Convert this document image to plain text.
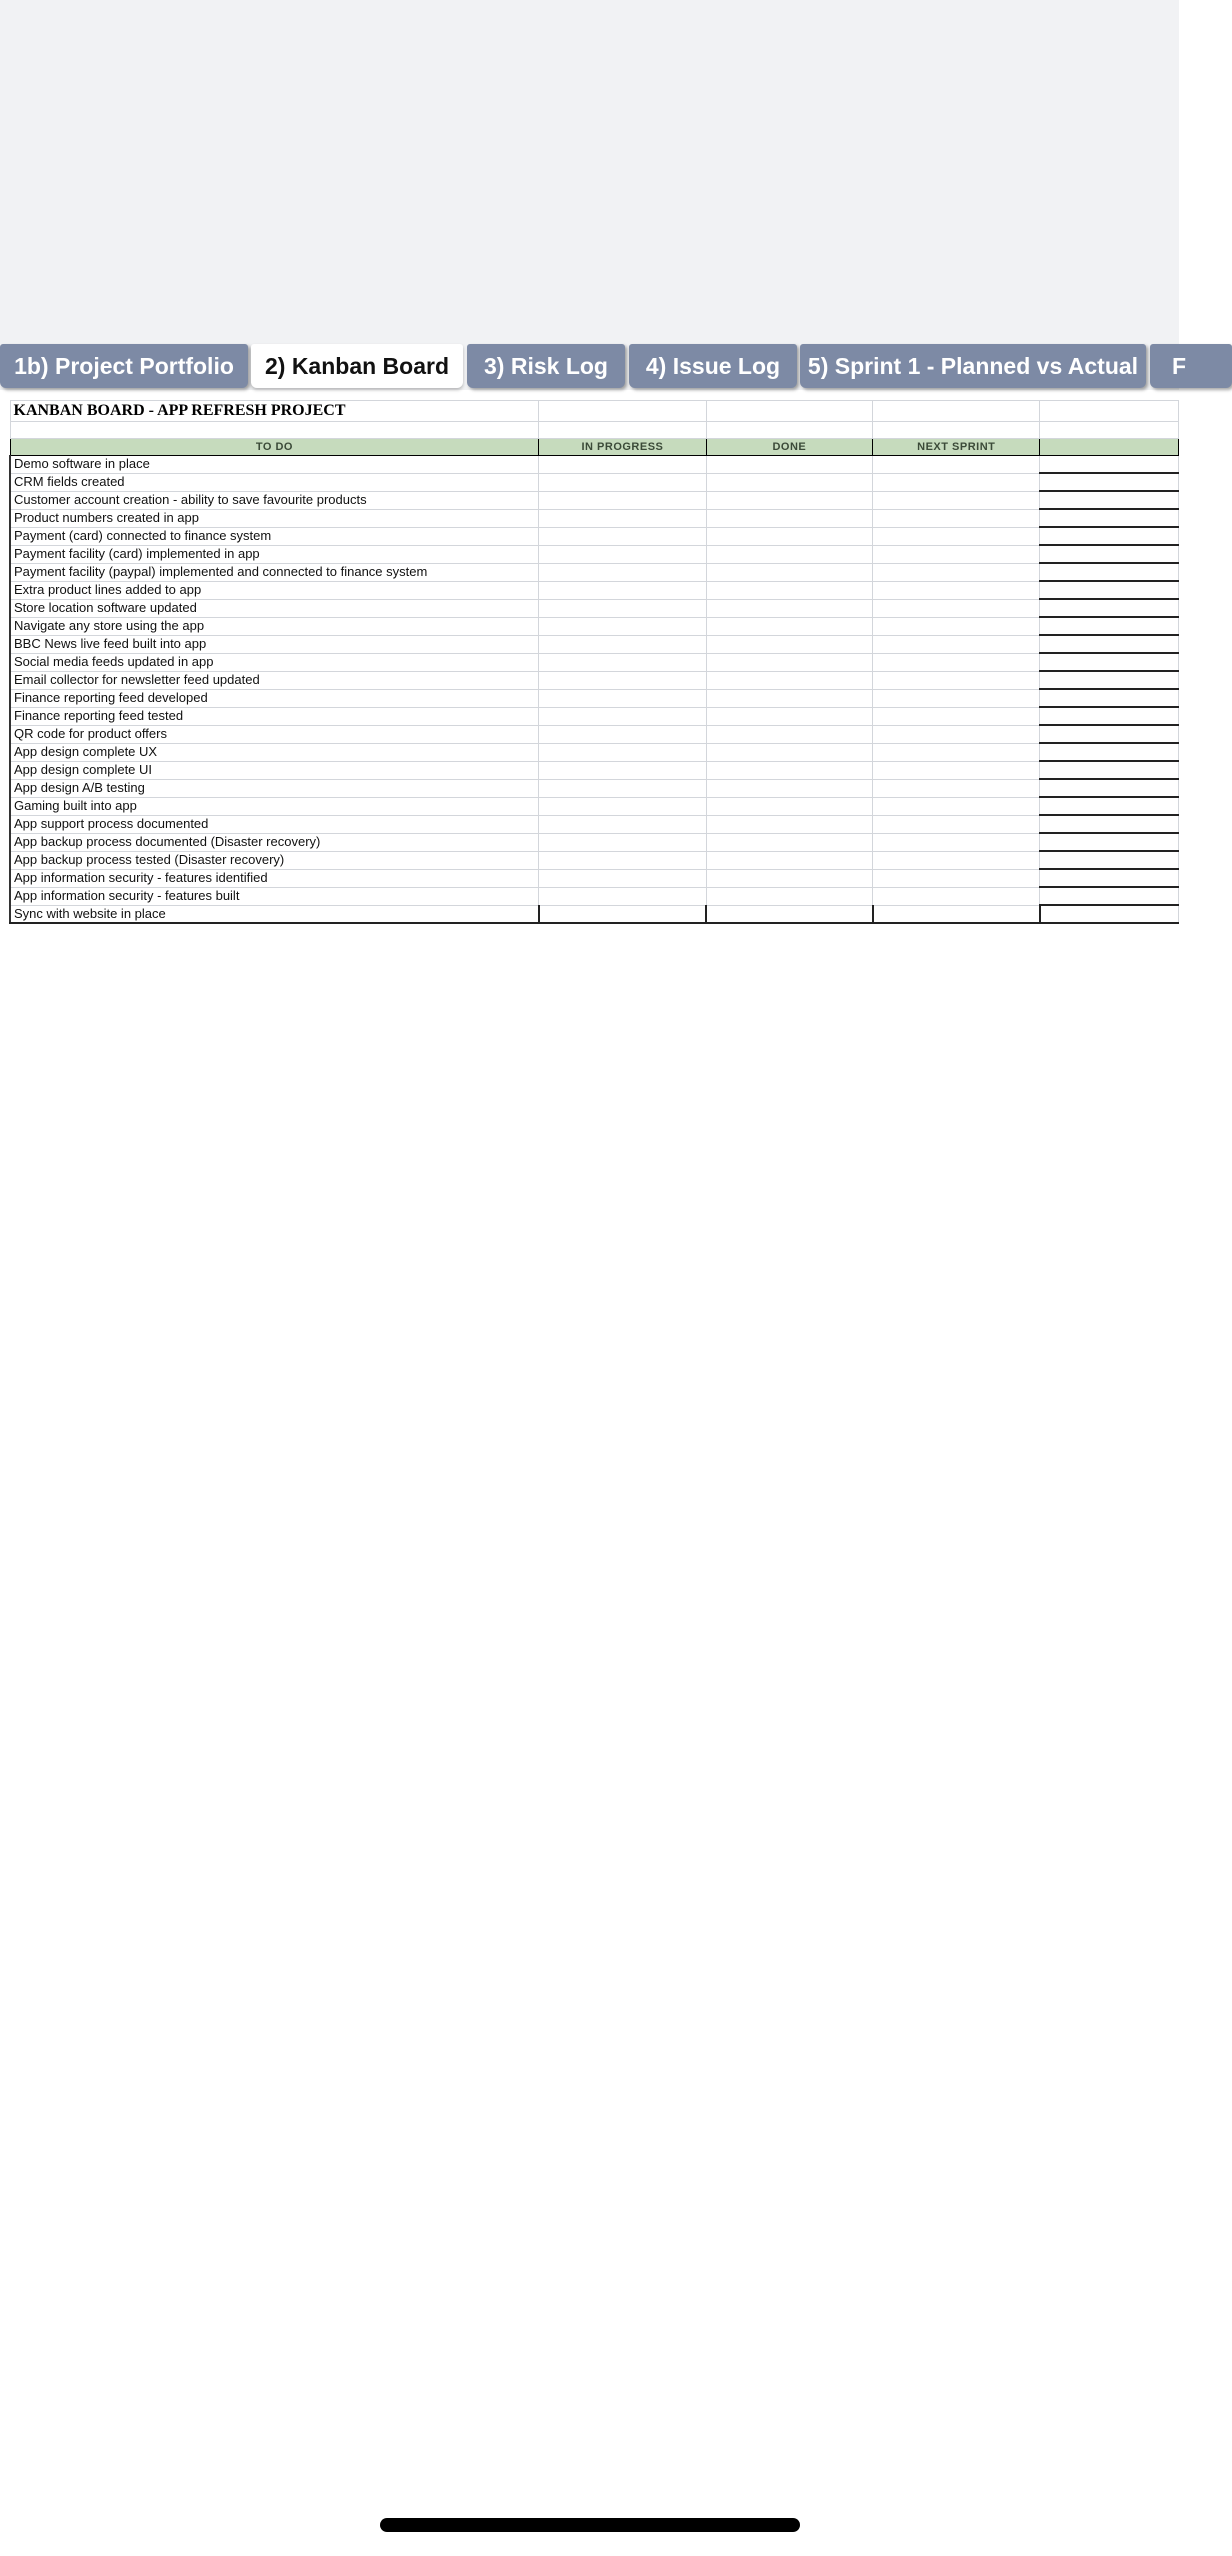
1b) Project Portfolio	2) Kanban Board	3) Risk Log	4) Issue Log	5) Sprint 1 - Planned vs Actual	F
KANBAN BOARD - APP REFRESH PROJECT				

TO DO	IN PROGRESS	DONE	NEXT SPRINT	
Demo software in place				
CRM fields created				
Customer account creation - ability to save favourite products				
Product numbers created in app				
Payment (card) connected to finance system				
Payment facility (card) implemented in app				
Payment facility (paypal) implemented and connected to finance system				
Extra product lines added to app				
Store location software updated				
Navigate any store using the app				
BBC News live feed built into app				
Social media feeds updated in app				
Email collector for newsletter feed updated				
Finance reporting feed developed				
Finance reporting feed tested				
QR code for product offers				
App design complete UX				
App design complete UI				
App design A/B testing				
Gaming built into app				
App support process documented				
App backup process documented (Disaster recovery)				
App backup process tested (Disaster recovery)				
App information security - features identified				
App information security - features built				
Sync with website in place				
